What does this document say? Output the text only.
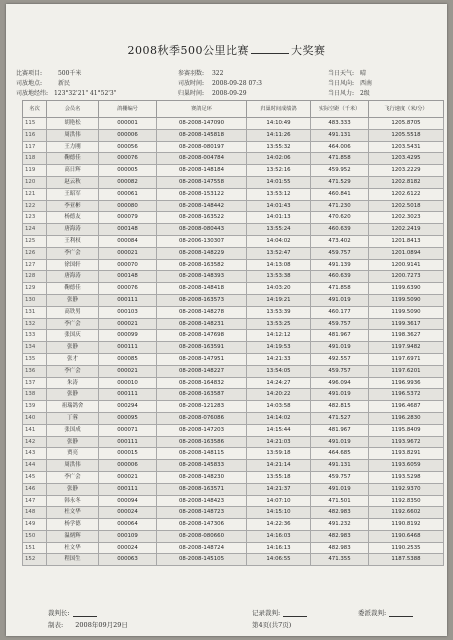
2008秋季500公里比赛	大奖赛
比赛项目:	500千米
司放地点:	新民
司放地经纬: 123°32'21" 41°52'3"
参赛羽数: 322
司放时间: 2008-09-28 07:3
归巢时间: 2008-09-29
当日天气: 晴
当日风向: 西南
当日风力: 2级
名次	会员名	鸽棚编号	赛鸽足环	归巢时间成绩鸽	实际空距（千米）	飞行速度（米/分）
115	胡艳松	000001	08-2008-147090	14:10:49	483.333	1205.8705
116	周洪伟	000006	08-2008-145818	14:11:26	491.131	1205.5518
117	王力刚	000056	08-2008-080197	13:55:32	464.006	1203.5431
118	鞠德佳	000076	08-2008-004784	14:02:06	471.858	1203.4295
119	高日辉	000005	08-2008-148184	13:52:16	459.952	1203.2229
120	赵云秋	000082	08-2008-147558	14:01:55	471.529	1202.8182
121	王昭军	000061	08-2008-153122	13:53:12	460.841	1202.6122
122	李亚彬	000080	08-2008-148442	14:01:43	471.230	1202.5018
123	杨德友	000079	08-2008-163522	14:01:13	470.620	1202.3023
124	唐海涛	000148	08-2008-080443	13:55:24	460.639	1202.2419
125	王利权	000084	08-2006-130307	14:04:02	473.402	1201.8413
126	李广会	000021	08-2008-148229	13:52:47	459.757	1201.0894
127	徐国轩	000070	08-2008-163582	14:13:08	491.139	1200.9141
128	唐海涛	000148	08-2008-148393	13:53:38	460.639	1200.7273
129	鞠德佳	000076	08-2008-148418	14:03:20	471.858	1199.6390
130	张静	000111	08-2008-163573	14:19:21	491.019	1199.5090
131	高铁男	000103	08-2008-148278	13:53:39	460.177	1199.5090
132	李广会	000021	08-2008-148231	13:53:25	459.757	1199.3617
133	张国庆	000099	08-2008-147698	14:12:12	481.967	1198.3627
134	张静	000111	08-2008-163591	14:19:53	491.019	1197.9482
135	张才	000085	08-2008-147951	14:21:33	492.557	1197.6971
136	李广会	000021	08-2008-148227	13:54:05	459.757	1197.6201
137	朱涛	000010	08-2008-164832	14:24:27	496.094	1196.9936
138	张静	000111	08-2008-163587	14:20:22	491.019	1196.5372
139	祖瑞鸽舍	000294	08-2008-121283	14:03:58	482.815	1196.4687
140	丁蓉	000095	08-2008-076086	14:14:02	471.527	1196.2830
141	张国成	000071	08-2008-147203	14:15:44	481.967	1195.8409
142	张静	000111	08-2008-163586	14:21:03	491.019	1193.9672
143	贾亮	000015	08-2008-148115	13:59:18	464.685	1193.8291
144	周洪伟	000006	08-2008-145833	14:21:14	491.131	1193.6059
145	李广会	000021	08-2008-148230	13:55:18	459.757	1193.5298
146	张静	000111	08-2008-163571	14:21:37	491.019	1192.9370
147	韩永冬	000094	08-2008-148423	14:07:10	471.501	1192.8350
148	杜文华	000024	08-2008-148723	14:15:10	482.983	1192.6602
149	杨学德	000064	08-2008-147306	14:22:36	491.232	1190.8192
150	温炳辉	000109	08-2008-080660	14:16:03	482.983	1190.6468
151	杜文华	000024	08-2008-148724	14:16:13	482.983	1190.2535
152	程国生	000063	08-2008-145105	14:06:55	471.355	1187.5388
裁判长:
制表: 2008年09月29日
记录裁判:	委派裁判:
第4页(共7页)
